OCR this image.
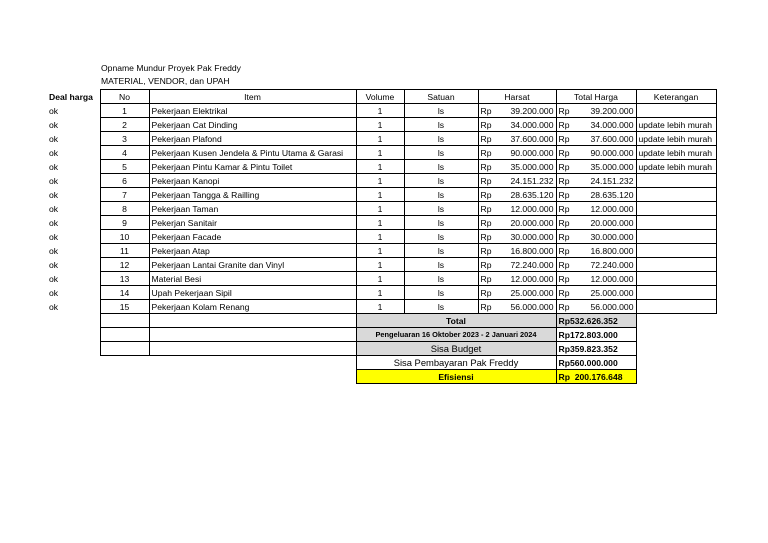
Opname Mundur Proyek Pak Freddy
MATERIAL, VENDOR, dan UPAH
Deal harga	No	Item	Volume	Satuan	Harsat	Total Harga	Keterangan
ok	1	Pekerjaan Elektrikal	1	ls	Rp 39.200.000	Rp 39.200.000	

ok	2	Pekerjaan Cat Dinding	1	ls	Rp 34.000.000	Rp 34.000.000	update lebih murah
ok	3	Pekerjaan Plafond	1	ls	Rp 37.600.000	Rp 37.600.000	update lebih murah
ok	4	Pekerjaan Kusen Jendela & Pintu Utama & Garasi	1	ls	Rp 90.000.000	Rp 90.000.000	update lebih murah
ok	5	Pekerjaan Pintu Kamar & Pintu Toilet	1	ls	Rp 35.000.000	Rp 35.000.000	update lebih murah
ok	6	Pekerjaan Kanopi	1	ls	Rp 24.151.232	Rp 24.151.232	

ok	7	Pekerjaan Tangga & Railling	1	ls	Rp 28.635.120	Rp 28.635.120	

ok	8	Pekerjaan Taman	1	ls	Rp 12.000.000	Rp 12.000.000	

ok	9	Pekerjan Sanitair	1	ls	Rp 20.000.000	Rp 20.000.000	

ok	10	Pekerjaan Facade	1	ls	Rp 30.000.000	Rp 30.000.000	

ok	11	Pekerjaan Atap	1	ls	Rp 16.800.000	Rp 16.800.000	

ok	12	Pekerjaan Lantai Granite dan Vinyl	1	ls	Rp 72.240.000	Rp 72.240.000	

ok	13	Material Besi	1	ls	Rp 12.000.000	Rp 12.000.000	

ok	14	Upah Pekerjaan Sipil	1	ls	Rp 25.000.000	Rp 25.000.000	

ok	15	Pekerjaan Kolam Renang	1	ls	Rp 56.000.000	Rp 56.000.000	

			Total			Rp532.626.352	
			Pengeluaran 16 Oktober 2023 - 2 Januari 2024			Rp172.803.000	
			Sisa Budget			Rp359.823.352	
			Sisa Pembayaran Pak Freddy			Rp560.000.000	
			Efisiensi			Rp  200.176.648	
